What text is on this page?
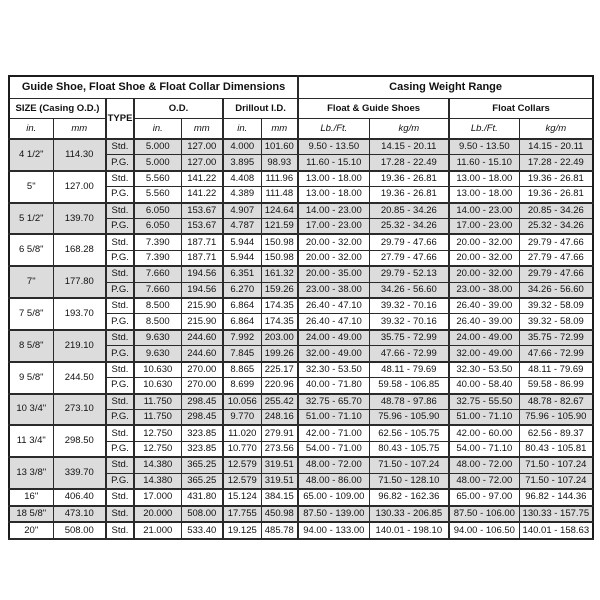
Guide Shoe, Float Shoe & Float Collar Dimensions							Casing Weight Range			
SIZE (Casing O.D.)		TYPE	O.D.		Drillout I.D.		Float & Guide Shoes		Float Collars	
in.	mm		in.	mm	in.	mm	Lb./Ft.	kg/m	Lb./Ft.	kg/m
4 1/2"	114.30	Std.	5.000	127.00	4.000	101.60	9.50 - 13.50	14.15 - 20.11	9.50 - 13.50	14.15 - 20.11
		P.G.	5.000	127.00	3.895	98.93	11.60 - 15.10	17.28 - 22.49	11.60 - 15.10	17.28 - 22.49
5"	127.00	Std.	5.560	141.22	4.408	111.96	13.00 - 18.00	19.36 - 26.81	13.00 - 18.00	19.36 - 26.81
		P.G.	5.560	141.22	4.389	111.48	13.00 - 18.00	19.36 - 26.81	13.00 - 18.00	19.36 - 26.81
5 1/2"	139.70	Std.	6.050	153.67	4.907	124.64	14.00 - 23.00	20.85 - 34.26	14.00 - 23.00	20.85 - 34.26
		P.G.	6.050	153.67	4.787	121.59	17.00 - 23.00	25.32 - 34.26	17.00 - 23.00	25.32 - 34.26
6 5/8"	168.28	Std.	7.390	187.71	5.944	150.98	20.00 - 32.00	29.79 - 47.66	20.00 - 32.00	29.79 - 47.66
		P.G.	7.390	187.71	5.944	150.98	20.00 - 32.00	27.79 - 47.66	20.00 - 32.00	27.79 - 47.66
7"	177.80	Std.	7.660	194.56	6.351	161.32	20.00 - 35.00	29.79 - 52.13	20.00 - 32.00	29.79 - 47.66
		P.G.	7.660	194.56	6.270	159.26	23.00 - 38.00	34.26 - 56.60	23.00 - 38.00	34.26 - 56.60
7 5/8"	193.70	Std.	8.500	215.90	6.864	174.35	26.40 - 47.10	39.32 - 70.16	26.40 - 39.00	39.32 - 58.09
		P.G.	8.500	215.90	6.864	174.35	26.40 - 47.10	39.32 - 70.16	26.40 - 39.00	39.32 - 58.09
8 5/8"	219.10	Std.	9.630	244.60	7.992	203.00	24.00 - 49.00	35.75 - 72.99	24.00 - 49.00	35.75 - 72.99
		P.G.	9.630	244.60	7.845	199.26	32.00 - 49.00	47.66 - 72.99	32.00 - 49.00	47.66 - 72.99
9 5/8"	244.50	Std.	10.630	270.00	8.865	225.17	32.30 - 53.50	48.11 - 79.69	32.30 - 53.50	48.11 - 79.69
		P.G.	10.630	270.00	8.699	220.96	40.00 - 71.80	59.58 - 106.85	40.00 - 58.40	59.58 - 86.99
10 3/4"	273.10	Std.	11.750	298.45	10.056	255.42	32.75 - 65.70	48.78 - 97.86	32.75 - 55.50	48.78 - 82.67
		P.G.	11.750	298.45	9.770	248.16	51.00 - 71.10	75.96 - 105.90	51.00 - 71.10	75.96 - 105.90
11 3/4"	298.50	Std.	12.750	323.85	11.020	279.91	42.00 - 71.00	62.56 - 105.75	42.00 - 60.00	62.56 - 89.37
		P.G.	12.750	323.85	10.770	273.56	54.00 - 71.00	80.43 - 105.75	54.00 - 71.10	80.43 - 105.81
13 3/8"	339.70	Std.	14.380	365.25	12.579	319.51	48.00 - 72.00	71.50 - 107.24	48.00 - 72.00	71.50 - 107.24
		P.G.	14.380	365.25	12.579	319.51	48.00 - 86.00	71.50 - 128.10	48.00 - 72.00	71.50 - 107.24
16"	406.40	Std.	17.000	431.80	15.124	384.15	65.00 - 109.00	96.82 - 162.36	65.00 - 97.00	96.82 - 144.36
18 5/8"	473.10	Std.	20.000	508.00	17.755	450.98	87.50 - 139.00	130.33 - 206.85	87.50 - 106.00	130.33 - 157.75
20"	508.00	Std.	21.000	533.40	19.125	485.78	94.00 - 133.00	140.01 - 198.10	94.00 - 106.50	140.01 - 158.63
